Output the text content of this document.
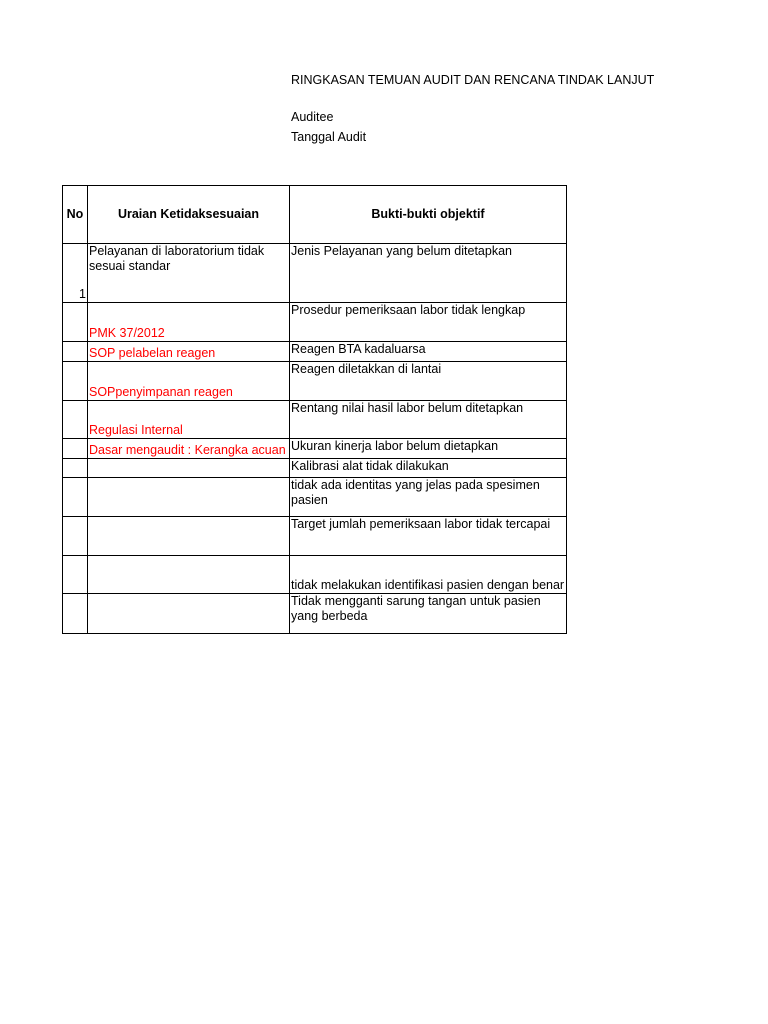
RINGKASAN TEMUAN AUDIT DAN RENCANA TINDAK LANJUT
Auditee
Tanggal Audit
No	Uraian Ketidaksesuaian	Bukti-bukti objektif
1	Pelayanan di laboratorium tidak sesuai standar	Jenis Pelayanan yang belum ditetapkan
	PMK 37/2012	Prosedur pemeriksaan labor tidak lengkap
	SOP pelabelan reagen	Reagen BTA kadaluarsa
	SOPpenyimpanan reagen	Reagen diletakkan di lantai
	Regulasi Internal	Rentang nilai hasil labor belum ditetapkan
	Dasar mengaudit : Kerangka acuan	Ukuran kinerja labor belum dietapkan
		Kalibrasi alat tidak dilakukan
		tidak ada identitas yang jelas pada spesimen pasien
		Target jumlah pemeriksaan labor tidak tercapai
		tidak melakukan identifikasi pasien dengan benar
		Tidak mengganti sarung tangan untuk pasien yang berbeda
